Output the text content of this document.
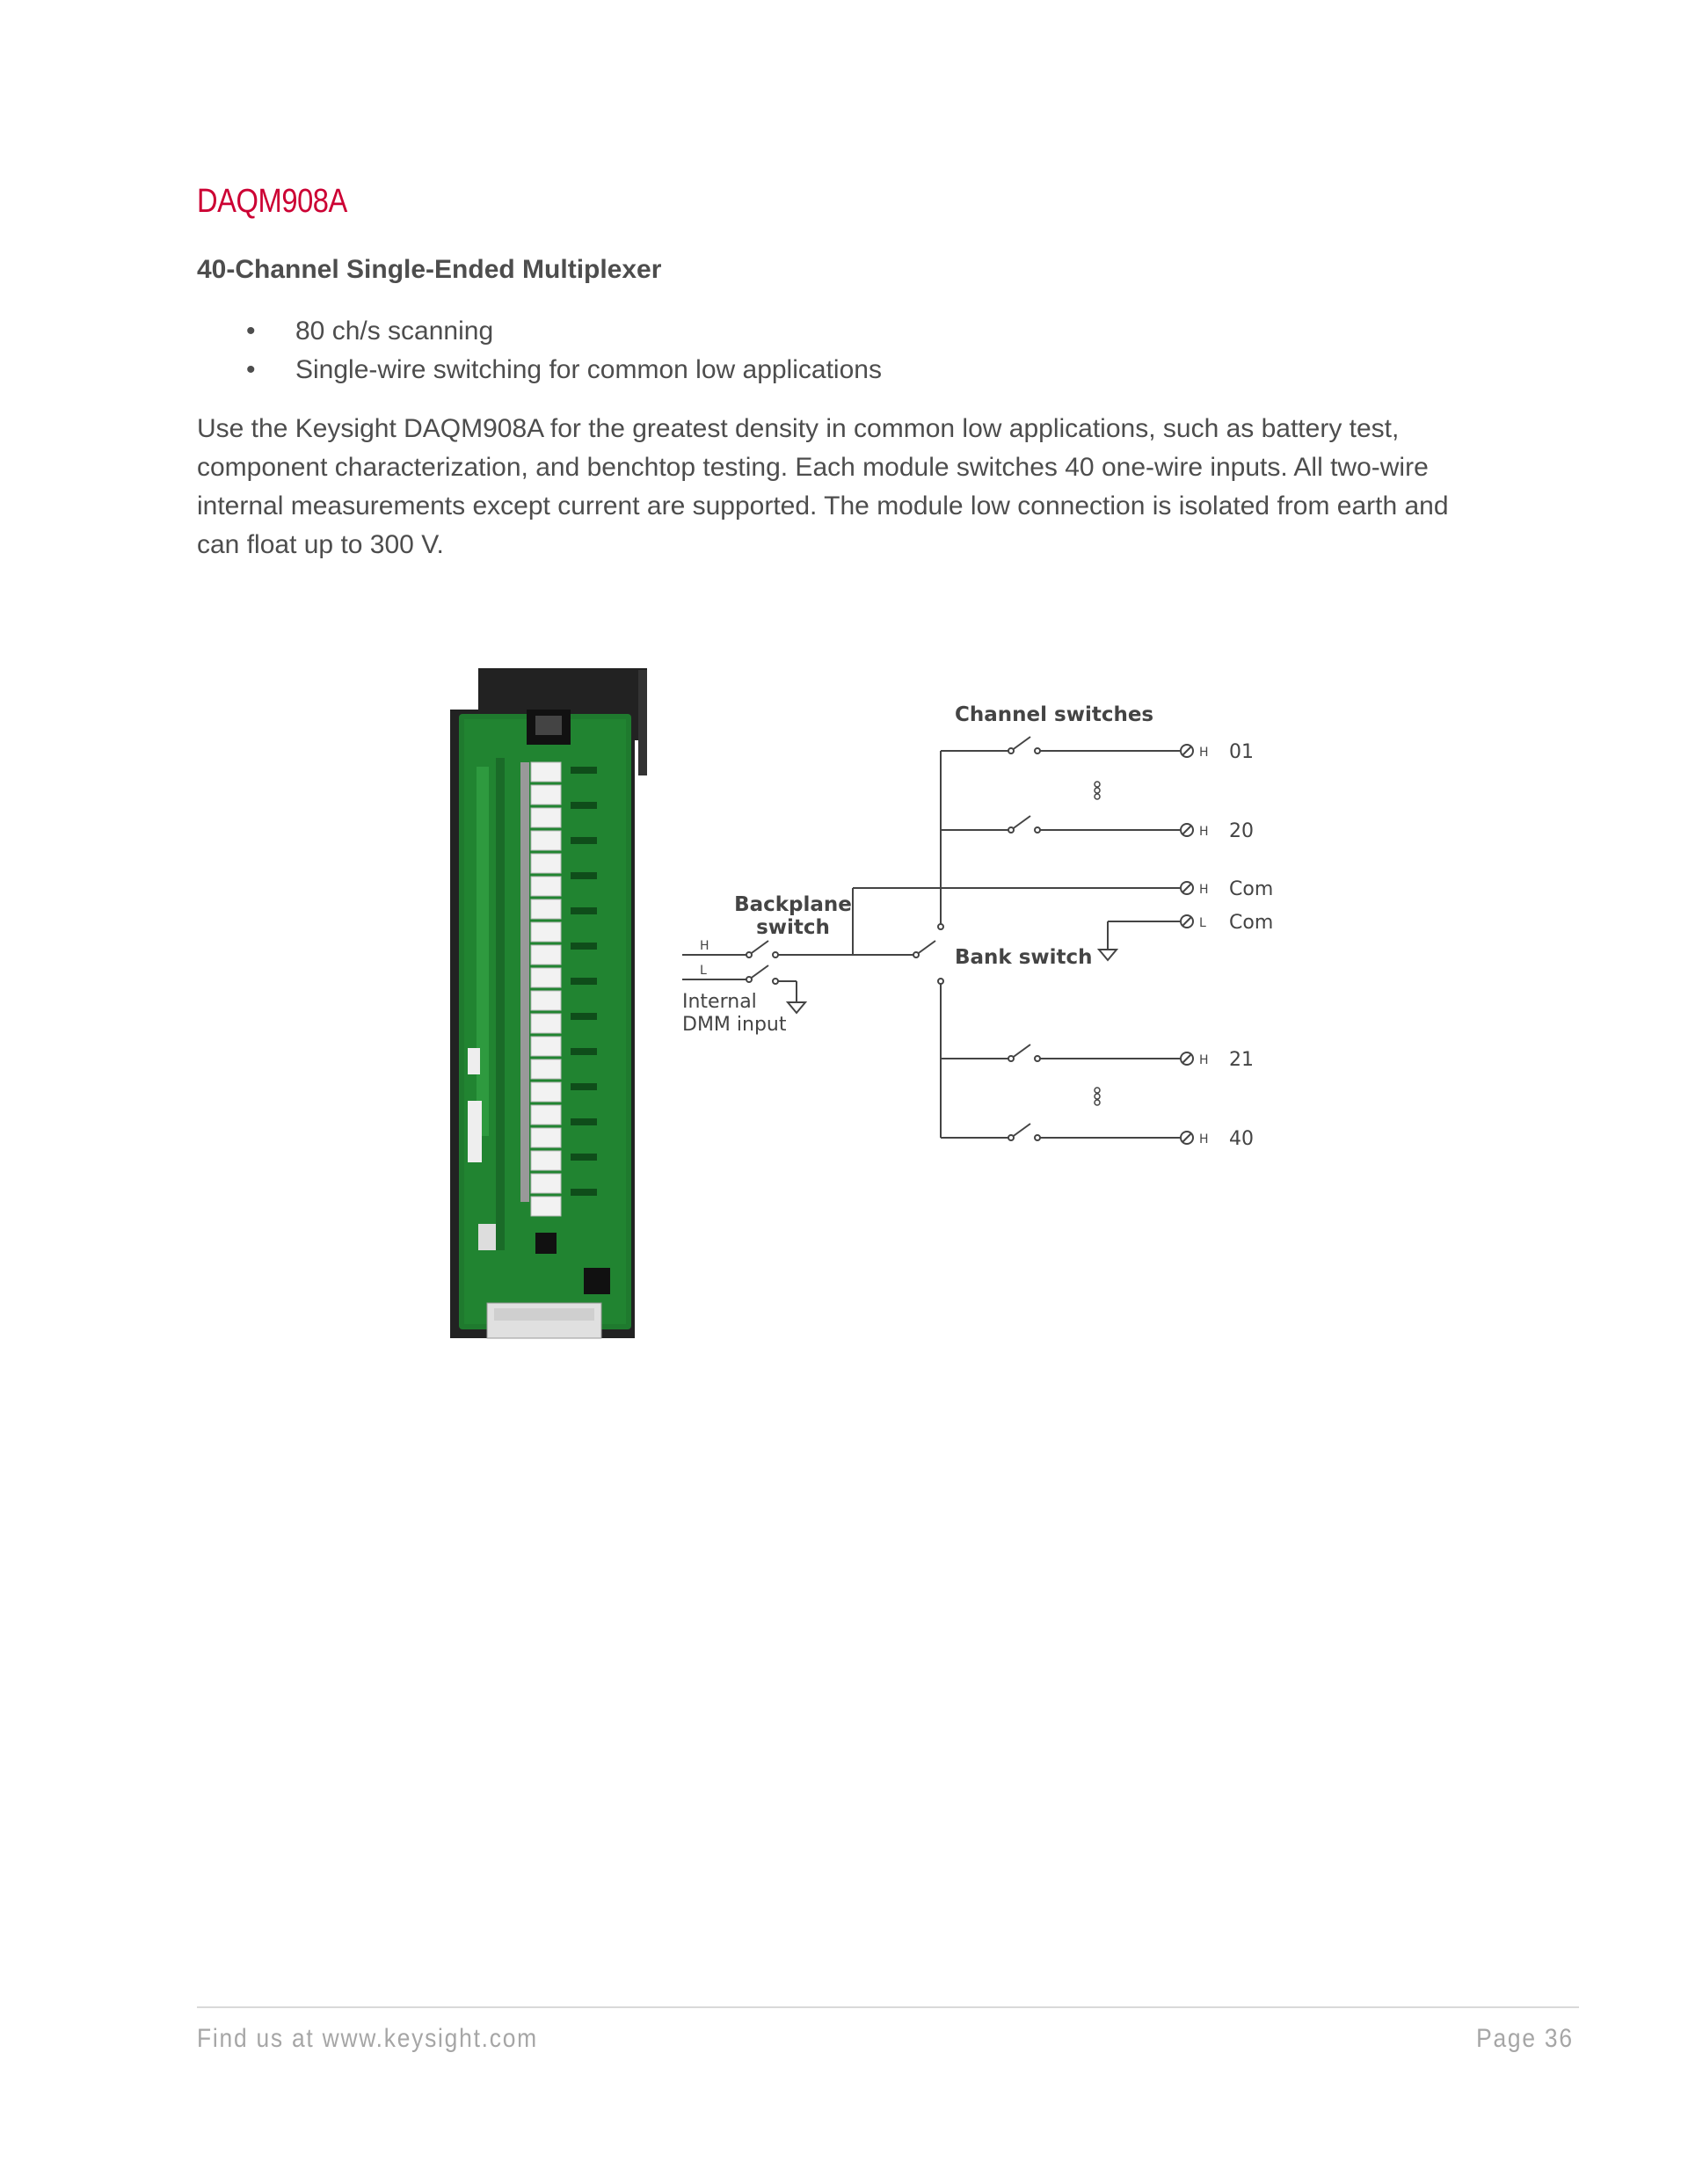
DAQM908A
40-Channel Single-Ended Multiplexer
• 80 ch/s scanning
• Single-wire switching for common low applications

Use the Keysight DAQM908A for the greatest density in common low applications, such as battery test, component characterization, and benchtop testing. Each module switches 40 one-wire inputs. All two-wire internal measurements except current are supported. The module low connection is isolated from earth and can float up to 300 V.

Channel switches
Backplane
switch
Bank switch
Internal
DMM input
H
L
H
H
H
L
H
H
01
20
Com
Com
21
40
Find us at www.keysight.com	Page 36
